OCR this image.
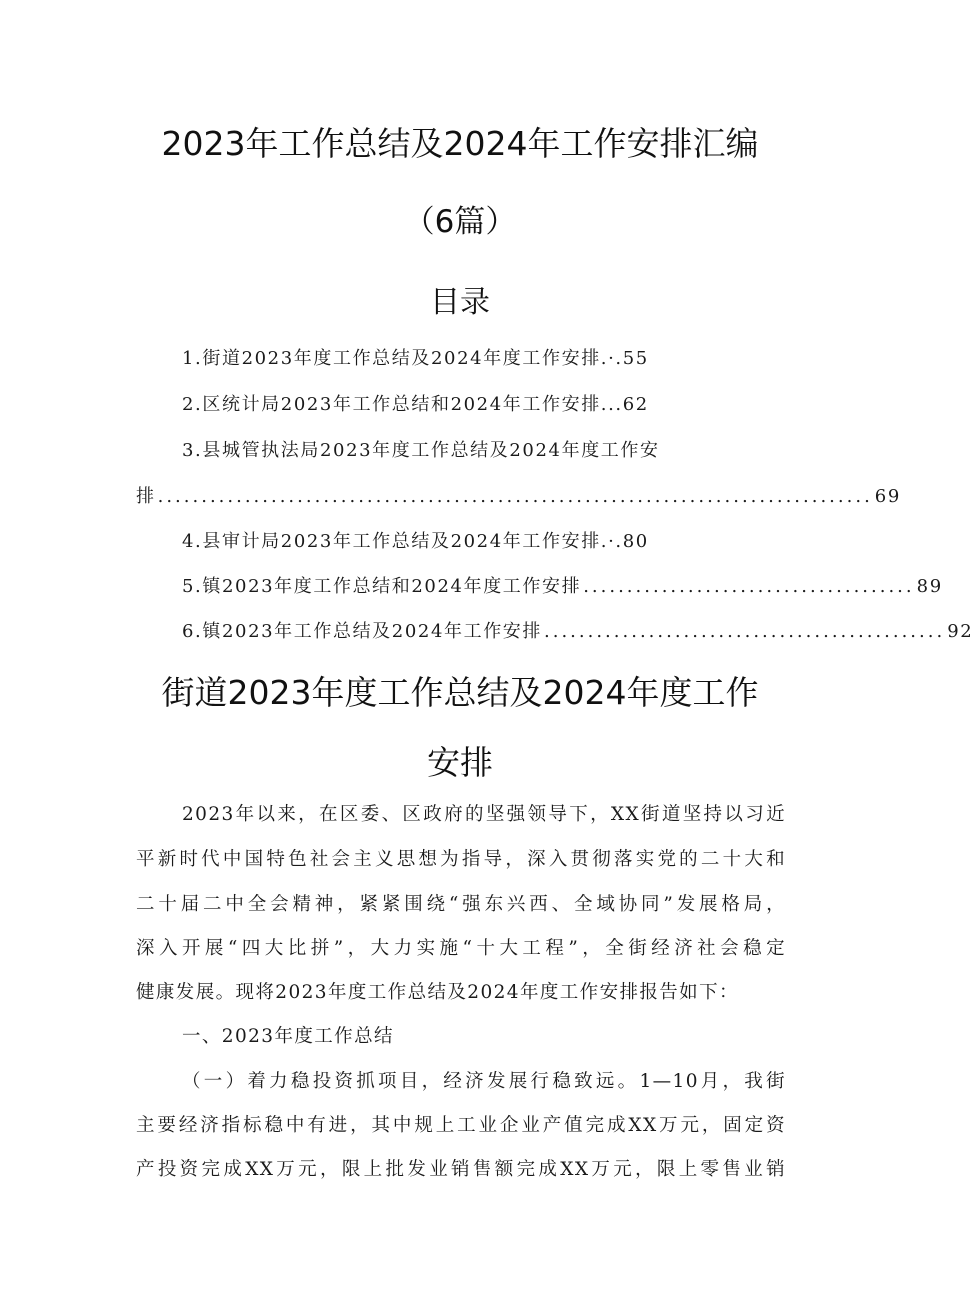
2023年工作总结及2024年工作安排汇编
（6篇）
目录
1.街道2023年度工作总结及2024年度工作安排.·.55
2.区统计局2023年工作总结和2024年工作安排...62
3.县城管执法局2023年度工作总结及2024年度工作安
排 .................................................................................. 69
4.县审计局2023年工作总结及2024年工作安排.·.80
5.镇2023年度工作总结和2024年度工作安排 ...................................... 89
6.镇2023年工作总结及2024年工作安排 .............................................. 92
街道2023年度工作总结及2024年度工作
安排
2023年以来，在区委、区政府的坚强领导下，XX街道坚持以习近
平新时代中国特色社会主义思想为指导，深入贯彻落实党的二十大和
二十届二中全会精神，紧紧围绕“强东兴西、全域协同”发展格局，
深入开展“四大比拼”，大力实施“十大工程”，全街经济社会稳定
健康发展。现将2023年度工作总结及2024年度工作安排报告如下：
一、2023年度工作总结
（一）着力稳投资抓项目，经济发展行稳致远。1—10月，我街
主要经济指标稳中有进，其中规上工业企业产值完成XX万元，固定资
产投资完成XX万元，限上批发业销售额完成XX万元，限上零售业销
